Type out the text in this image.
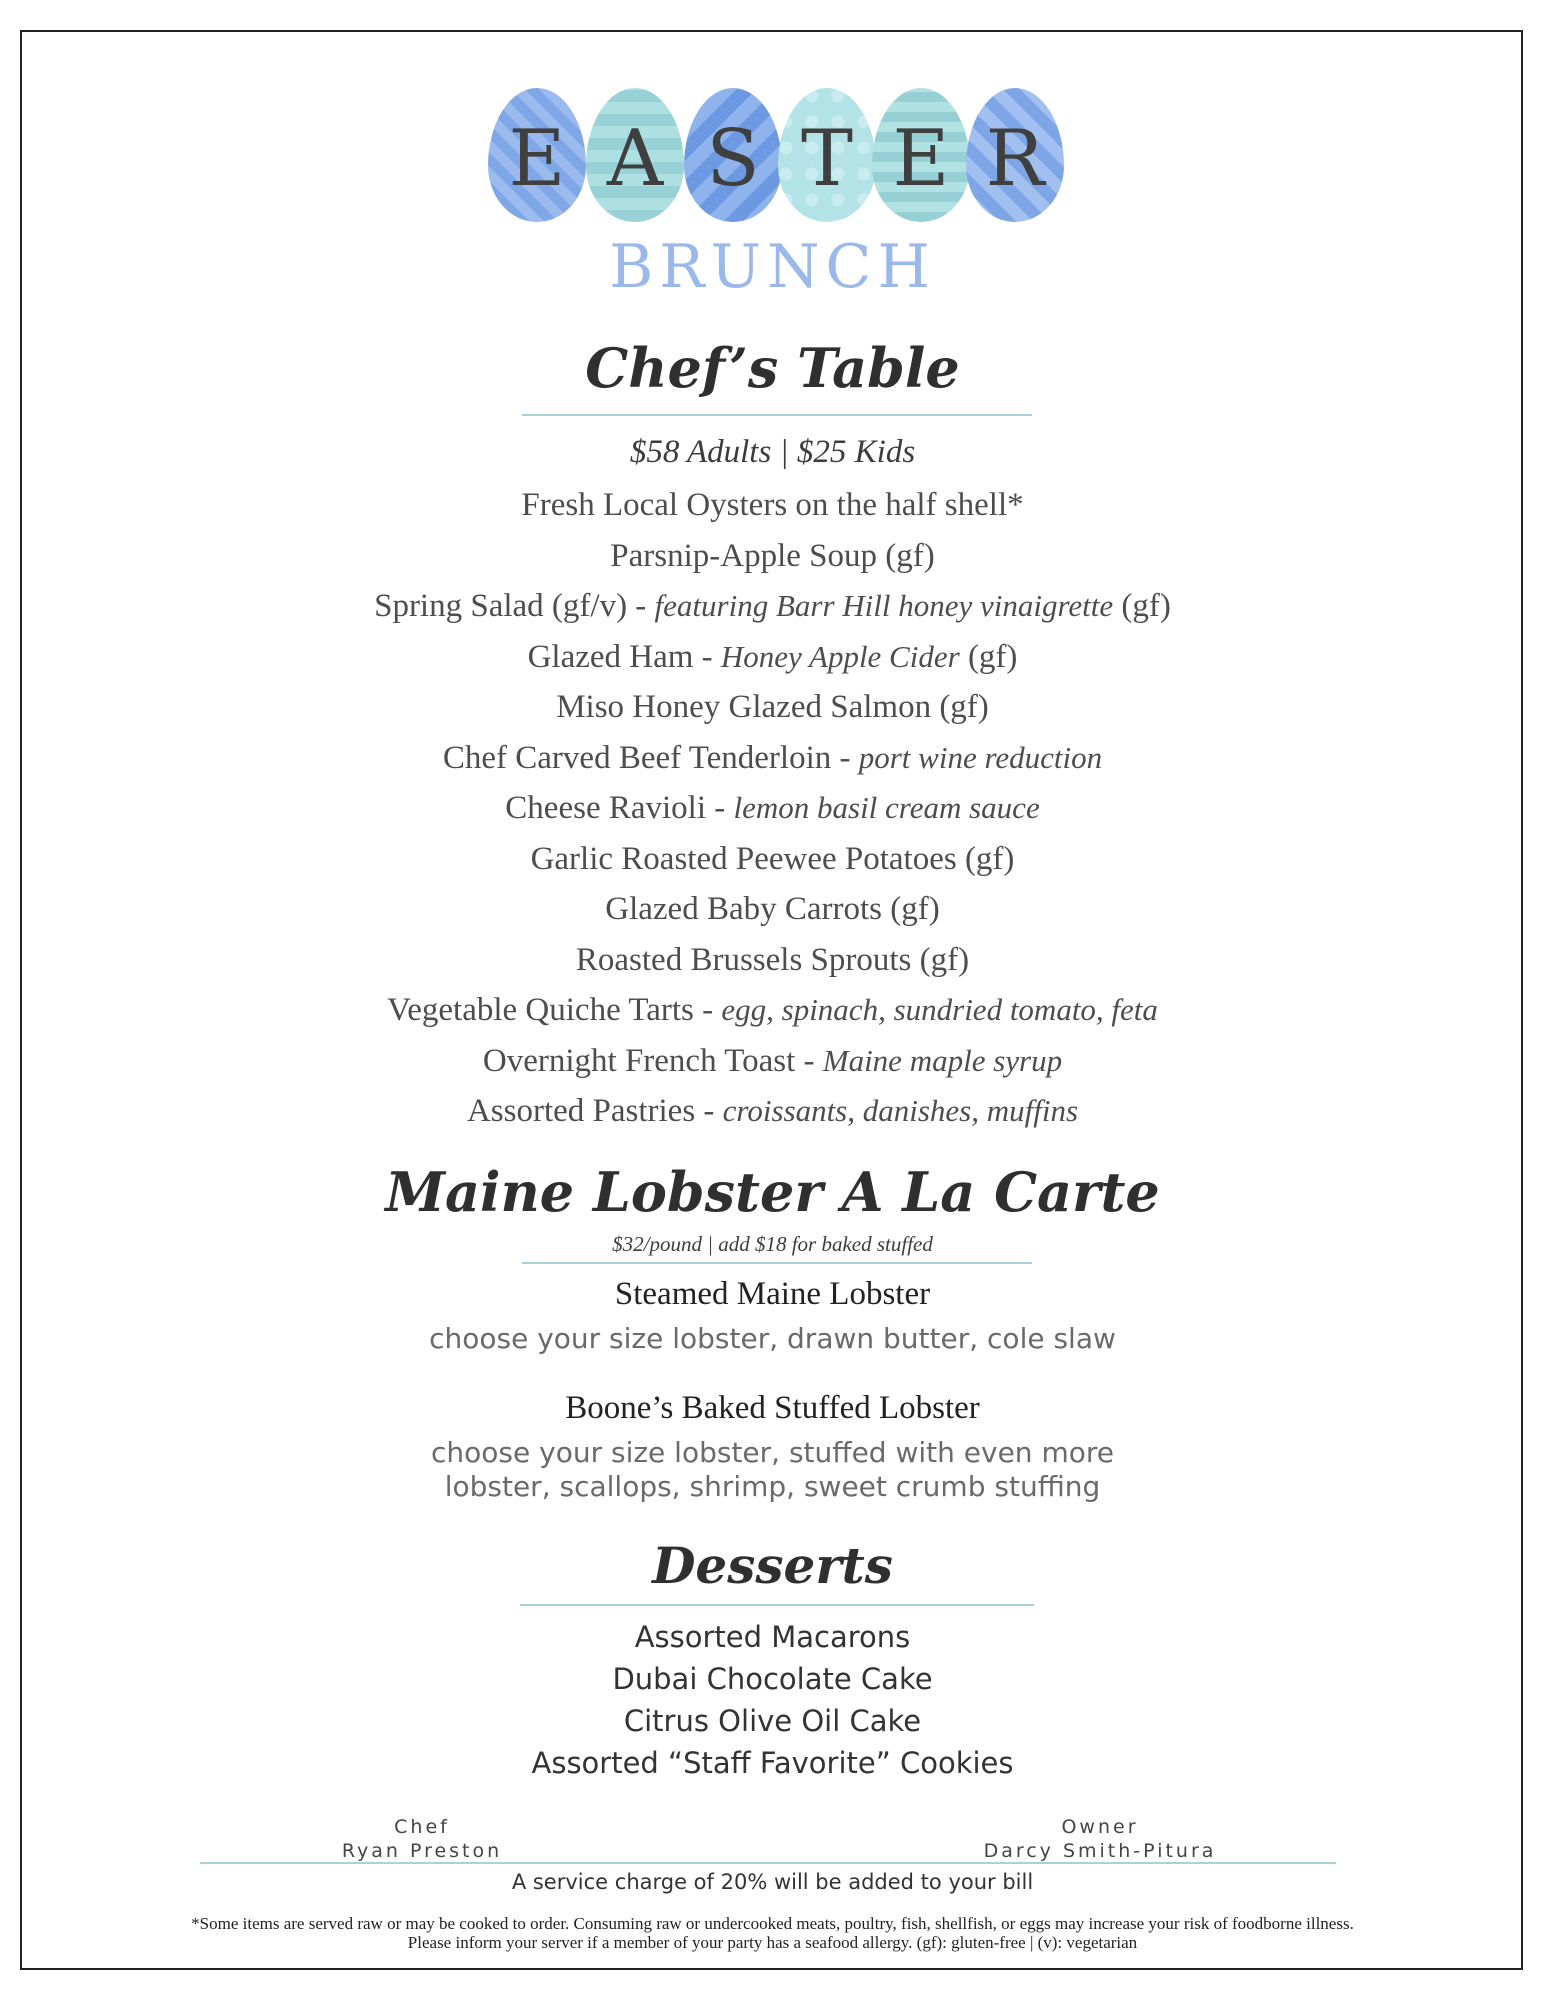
E A S T E R
BRUNCH
Chef’s Table
$58 Adults | $25 Kids
Fresh Local Oysters on the half shell*
Parsnip-Apple Soup (gf)
Spring Salad (gf/v) - featuring Barr Hill honey vinaigrette (gf)
Glazed Ham - Honey Apple Cider (gf)
Miso Honey Glazed Salmon (gf)
Chef Carved Beef Tenderloin - port wine reduction
Cheese Ravioli - lemon basil cream sauce
Garlic Roasted Peewee Potatoes (gf)
Glazed Baby Carrots (gf)
Roasted Brussels Sprouts (gf)
Vegetable Quiche Tarts - egg, spinach, sundried tomato, feta
Overnight French Toast - Maine maple syrup
Assorted Pastries - croissants, danishes, muffins
Maine Lobster A La Carte
$32/pound | add $18 for baked stuffed
Steamed Maine Lobster
choose your size lobster, drawn butter, cole slaw
Boone’s Baked Stuffed Lobster
choose your size lobster, stuffed with even more
lobster, scallops, shrimp, sweet crumb stuffing
Desserts
Assorted Macarons
Dubai Chocolate Cake
Citrus Olive Oil Cake
Assorted “Staff Favorite” Cookies
Chef
Ryan Preston
Owner
Darcy Smith-Pitura
A service charge of 20% will be added to your bill
*Some items are served raw or may be cooked to order. Consuming raw or undercooked meats, poultry, fish, shellfish, or eggs may increase your risk of foodborne illness.
Please inform your server if a member of your party has a seafood allergy. (gf): gluten-free | (v): vegetarian
